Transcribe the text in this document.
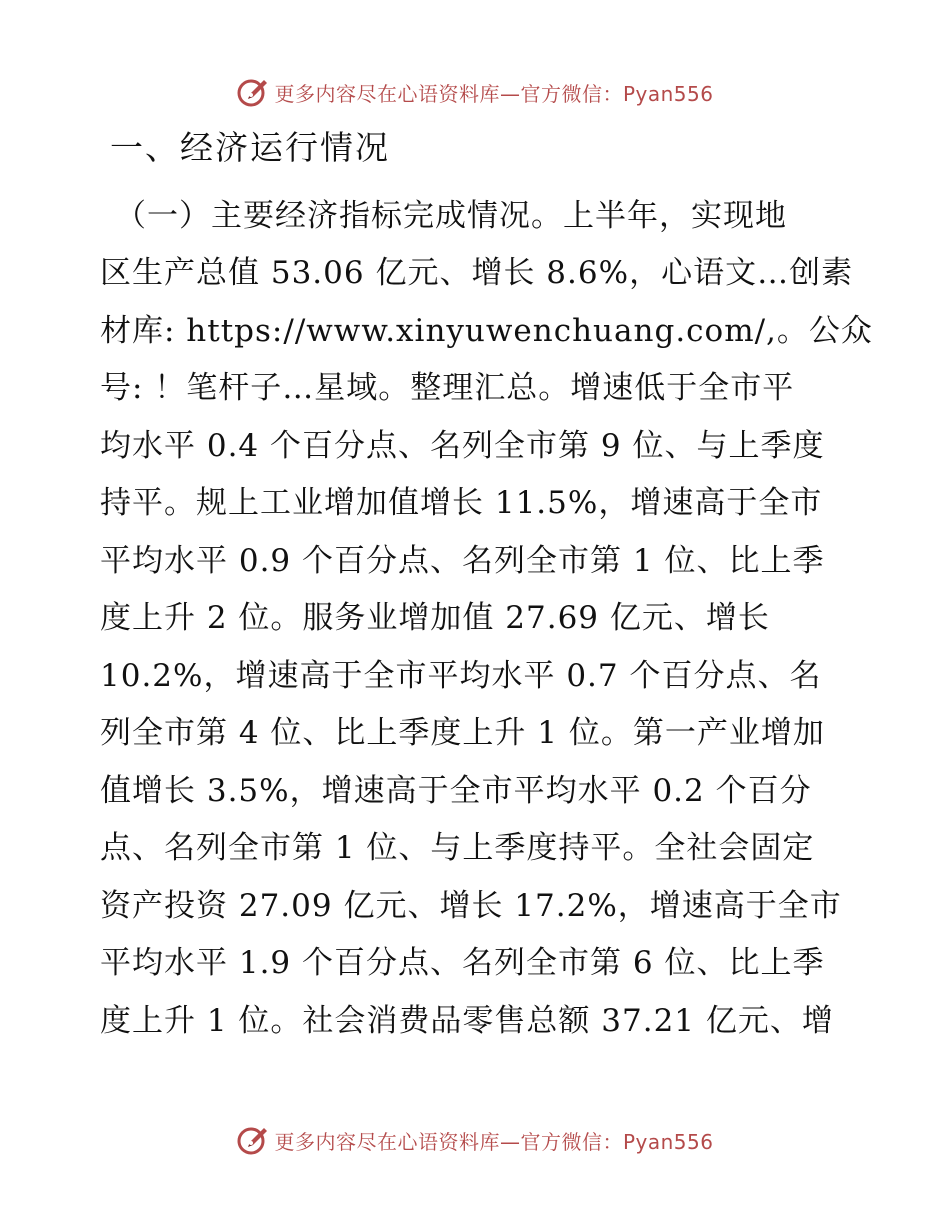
更多内容尽在心语资料库—官方微信：Pyan556
一、经济运行情况
（一）主要经济指标完成情况。上半年，实现地
区生产总值 53.06 亿元、增长 8.6%，心语文…创素
材库: https://www.xinyuwenchuang.com/,。公众
号: ！笔杆子…星域。整理汇总。增速低于全市平
均水平 0.4 个百分点、名列全市第 9 位、与上季度
持平。规上工业增加值增长 11.5%，增速高于全市
平均水平 0.9 个百分点、名列全市第 1 位、比上季
度上升 2 位。服务业增加值 27.69 亿元、增长
10.2%，增速高于全市平均水平 0.7 个百分点、名
列全市第 4 位、比上季度上升 1 位。第一产业增加
值增长 3.5%，增速高于全市平均水平 0.2 个百分
点、名列全市第 1 位、与上季度持平。全社会固定
资产投资 27.09 亿元、增长 17.2%，增速高于全市
平均水平 1.9 个百分点、名列全市第 6 位、比上季
度上升 1 位。社会消费品零售总额 37.21 亿元、增
更多内容尽在心语资料库—官方微信：Pyan556
